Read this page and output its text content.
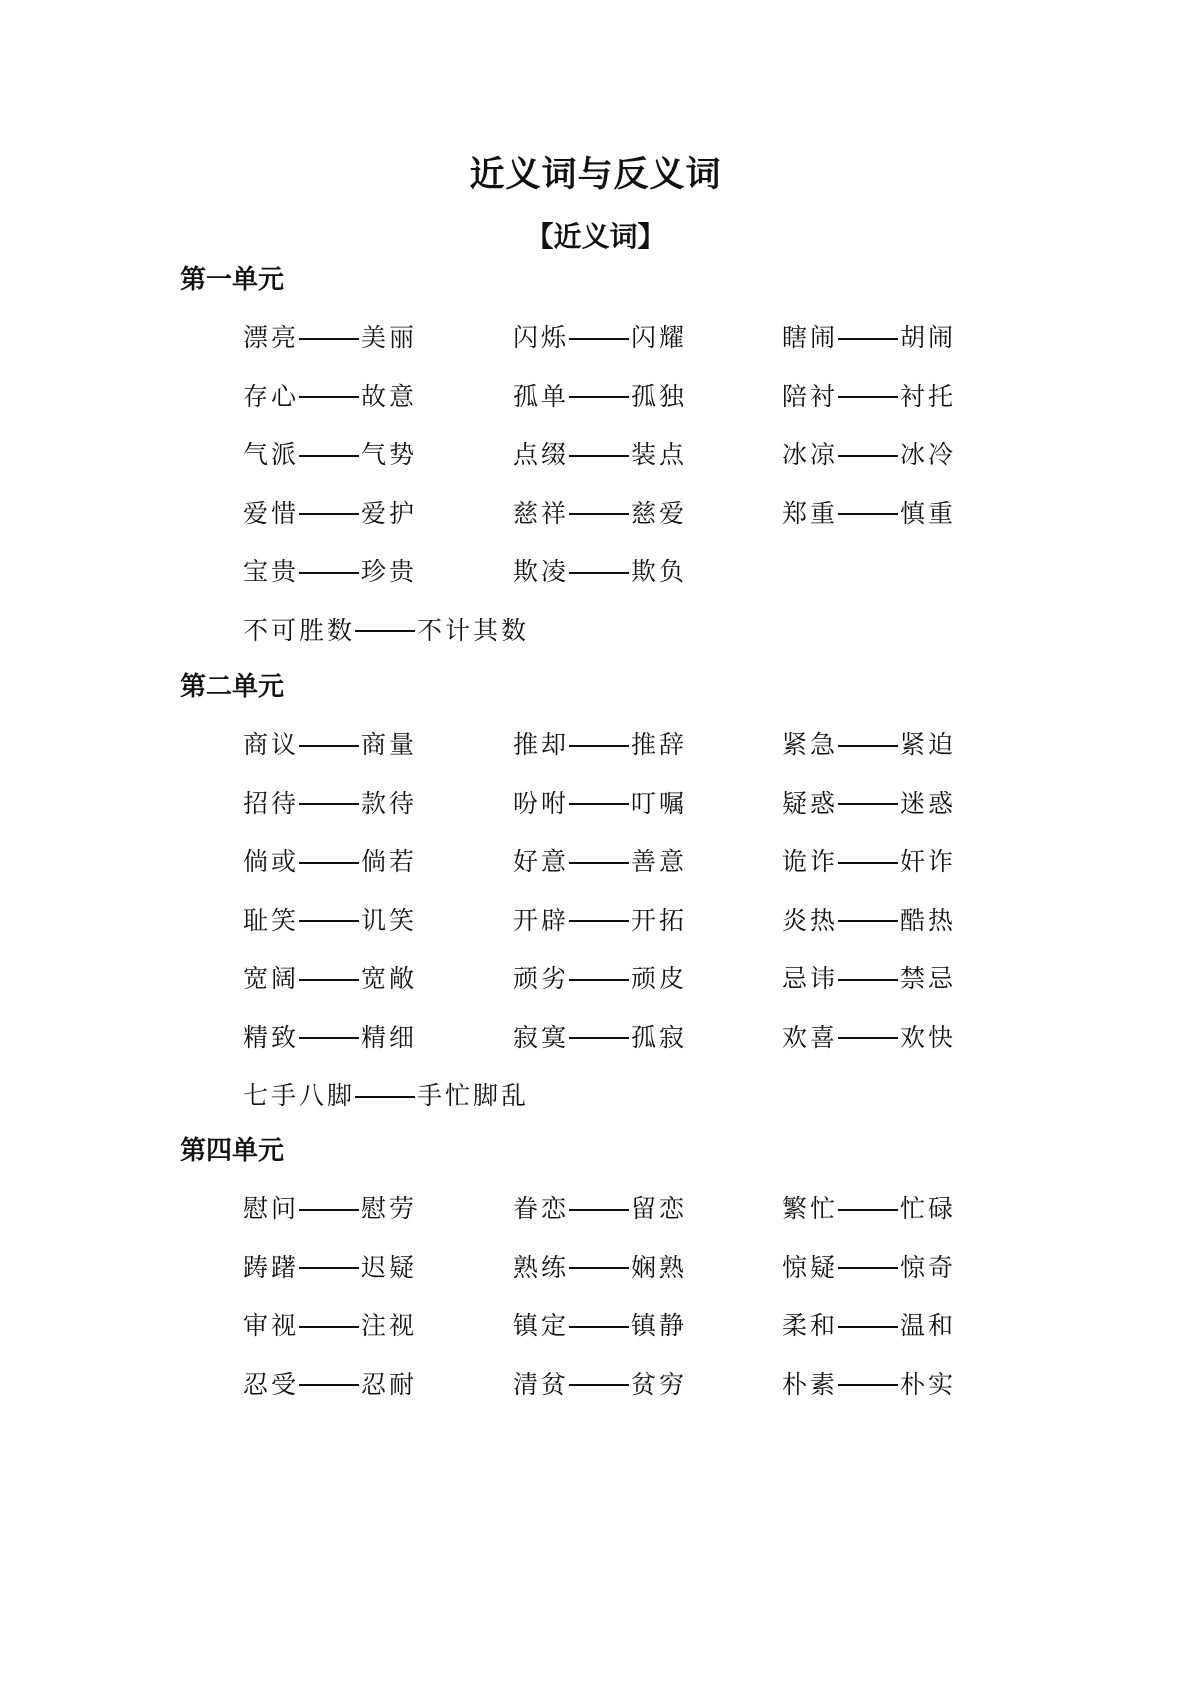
近义词与反义词
【近义词】
第一单元
漂亮 美丽	闪烁 闪耀	瞎闹 胡闹
存心 故意	孤单 孤独	陪衬 衬托
气派 气势	点缀 装点	冰凉 冰冷
爱惜 爱护	慈祥 慈爱	郑重 慎重
宝贵 珍贵	欺凌 欺负
不可胜数 不计其数
第二单元
商议 商量	推却 推辞	紧急 紧迫
招待 款待	吩咐 叮嘱	疑惑 迷惑
倘或 倘若	好意 善意	诡诈 奸诈
耻笑 讥笑	开辟 开拓	炎热 酷热
宽阔 宽敞	顽劣 顽皮	忌讳 禁忌
精致 精细	寂寞 孤寂	欢喜 欢快
七手八脚 手忙脚乱
第四单元
慰问 慰劳	眷恋 留恋	繁忙 忙碌
踌躇 迟疑	熟练 娴熟	惊疑 惊奇
审视 注视	镇定 镇静	柔和 温和
忍受 忍耐	清贫 贫穷	朴素 朴实
